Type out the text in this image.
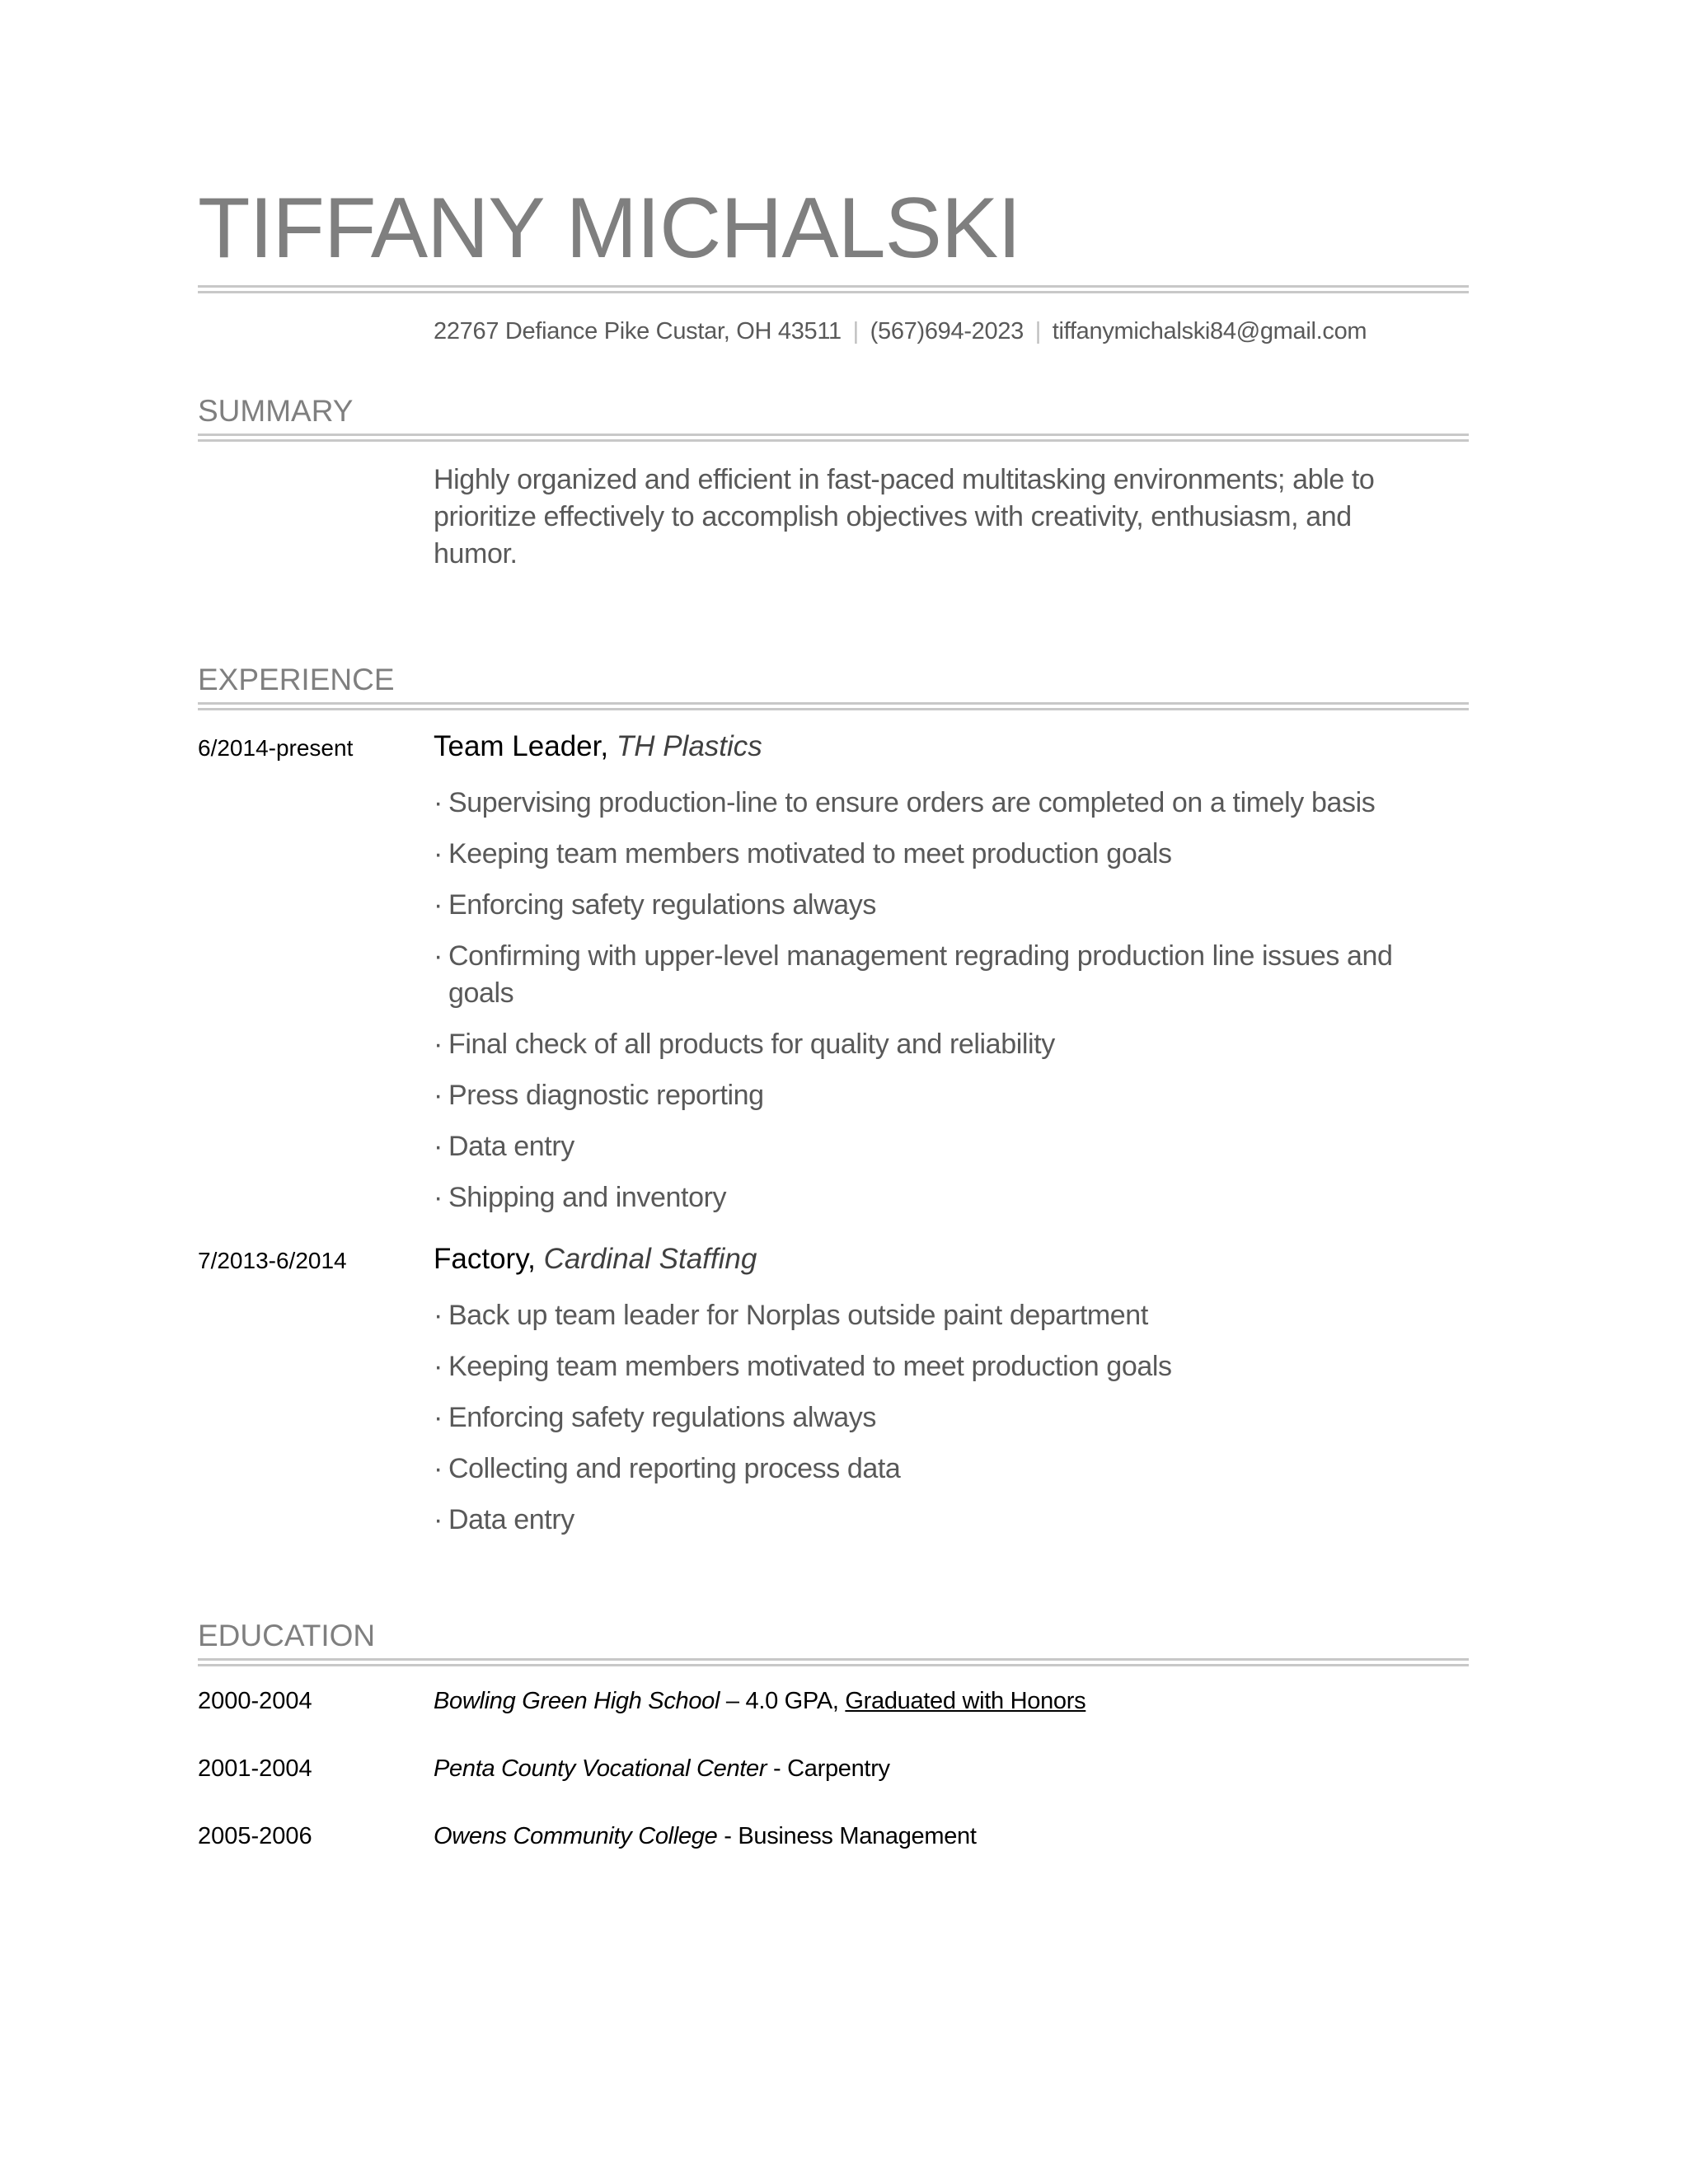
TIFFANY MICHALSKI
22767 Defiance Pike Custar, OH 43511 | (567)694-2023 | tiffanymichalski84@gmail.com
SUMMARY

Highly organized and efficient in fast-paced multitasking environments; able to prioritize effectively to accomplish objectives with creativity, enthusiasm, and humor.

EXPERIENCE
6/2014-present	Team Leader, TH Plastics
· Supervising production-line to ensure orders are completed on a timely basis
· Keeping team members motivated to meet production goals
· Enforcing safety regulations always
· Confirming with upper-level management regrading production line issues and goals
· Final check of all products for quality and reliability
· Press diagnostic reporting
· Data entry
· Shipping and inventory
7/2013-6/2014	Factory, Cardinal Staffing
· Back up team leader for Norplas outside paint department
· Keeping team members motivated to meet production goals
· Enforcing safety regulations always
· Collecting and reporting process data
· Data entry
EDUCATION
2000-2004	Bowling Green High School – 4.0 GPA, Graduated with Honors
2001-2004	Penta County Vocational Center - Carpentry
2005-2006	Owens Community College - Business Management
